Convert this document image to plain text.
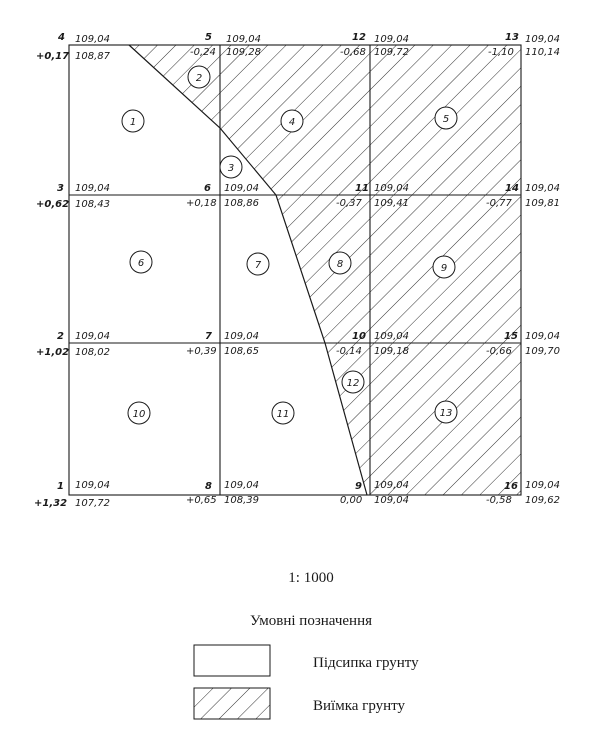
4 109,04
+0,17 108,87
5 109,04
-0,24 109,28
12 109,04
-0,68 109,72
13 109,04
-1,10 110,14
3 109,04
+0,62 108,43
6 109,04
+0,18 108,86
11 109,04
-0,37 109,41
14 109,04
-0,77 109,81
2 109,04
+1,02 108,02
7 109,04
+0,39 108,65
10 109,04
-0,14 109,18
15 109,04
-0,66 109,70
1 109,04
+1,32 107,72
8 109,04
+0,65 108,39
9 109,04
0,00 109,04
16 109,04
-0,58 109,62
1
2
3
4	5
6	7	8	9
10	11
12
13
1: 1000
Умовні позначення
Підсипка грунту
Виїмка грунту
